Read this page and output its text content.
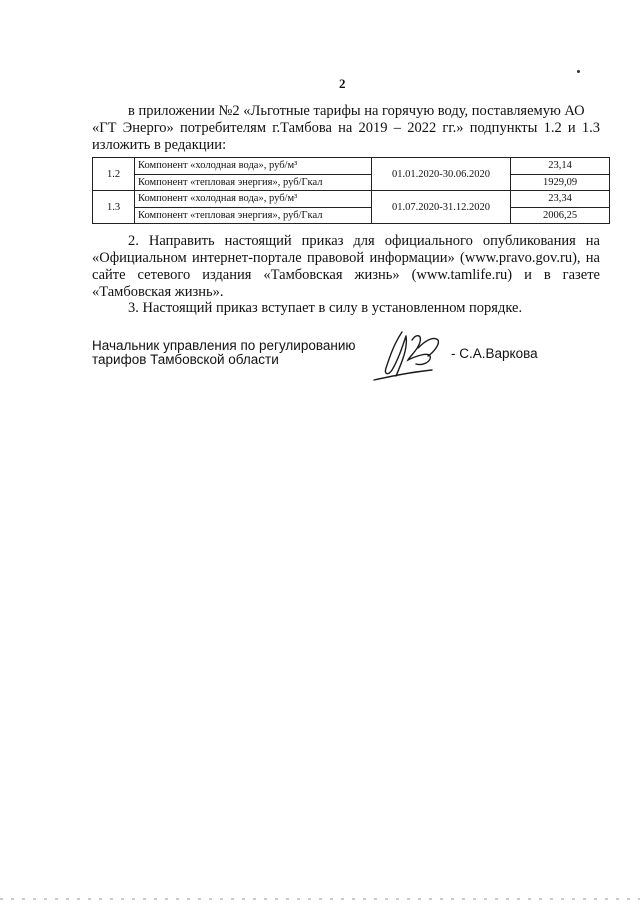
2
в приложении №2 «Льготные тарифы на горячую воду, поставляемую АО
«ГТ Энерго» потребителям г.Тамбова на 2019 – 2022 гг.» подпункты 1.2 и 1.3 изложить в редакции:
1.2	Компонент «холодная вода», руб/м³	01.01.2020-30.06.2020	23,14
	Компонент «тепловая энергия», руб/Гкал		1929,09
1.3	Компонент «холодная вода», руб/м³	01.07.2020-31.12.2020	23,34
	Компонент «тепловая энергия», руб/Гкал		2006,25
2. Направить настоящий приказ для официального опубликования на «Официальном интернет-портале правовой информации» (www.pravo.gov.ru), на сайте сетевого издания «Тамбовская жизнь» (www.tamlife.ru) и в газете «Тамбовская жизнь».
3. Настоящий приказ вступает в силу в установленном порядке.
Начальник управления по регулированию
тарифов Тамбовской области	- С.А.Варкова
